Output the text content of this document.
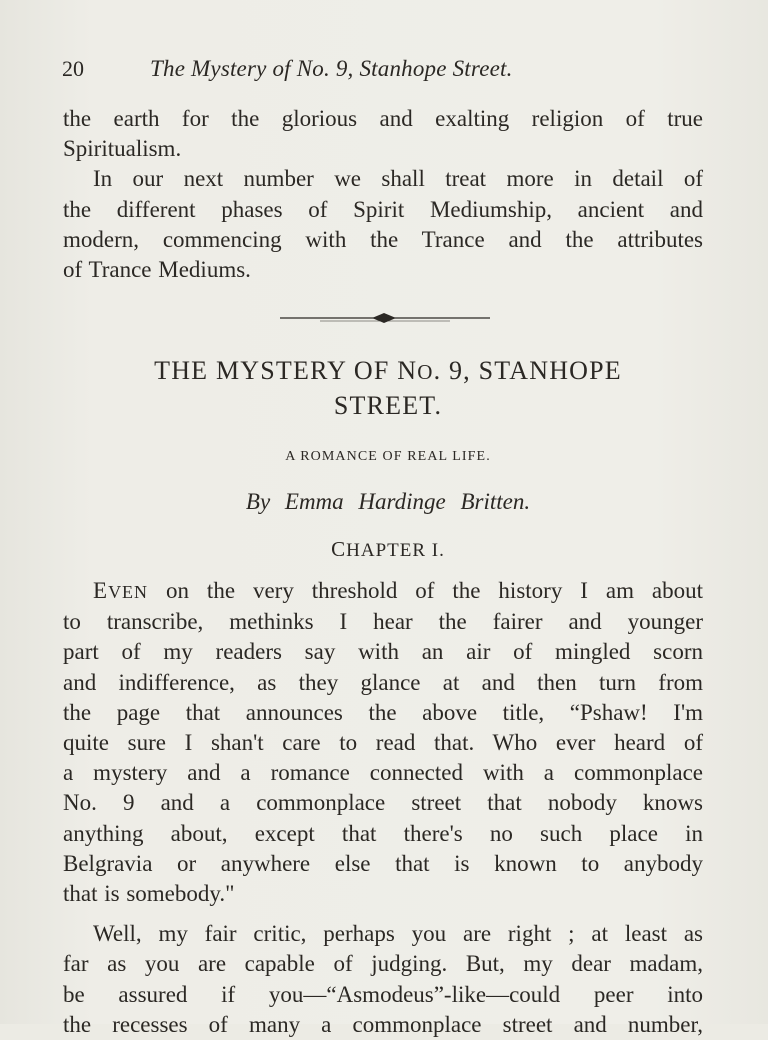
20	The Mystery of No. 9, Stanhope Street.
the earth for the glorious and exalting religion of true
Spiritualism.
In our next number we shall treat more in detail of
the different phases of Spirit Mediumship, ancient and
modern, commencing with the Trance and the attributes
of Trance Mediums.
THE MYSTERY OF NO. 9, STANHOPE
STREET.
A ROMANCE OF REAL LIFE.
By Emma Hardinge Britten.
CHAPTER I.
EVEN on the very threshold of the history I am about
to transcribe, methinks I hear the fairer and younger
part of my readers say with an air of mingled scorn
and indifference, as they glance at and then turn from
the page that announces the above title, “Pshaw! I'm
quite sure I shan't care to read that. Who ever heard of
a mystery and a romance connected with a commonplace
No. 9 and a commonplace street that nobody knows
anything about, except that there's no such place in
Belgravia or anywhere else that is known to anybody
that is somebody."
Well, my fair critic, perhaps you are right ; at least as
far as you are capable of judging. But, my dear madam,
be assured if you—“Asmodeus”-like—could peer into
the recesses of many a commonplace street and number,
